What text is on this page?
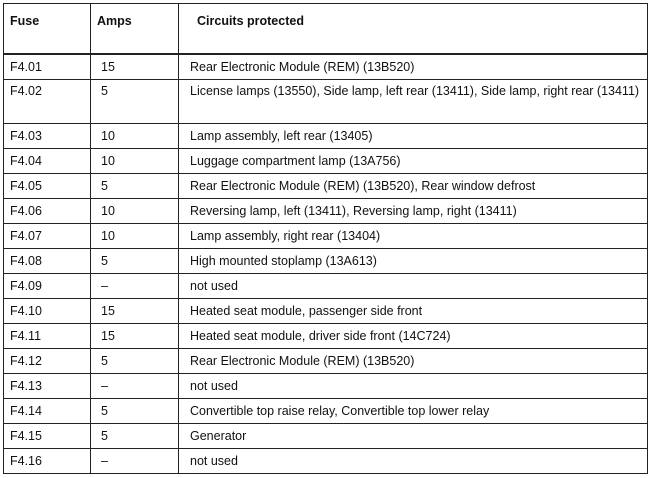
Fuse	Amps	Circuits protected
F4.01	15	Rear Electronic Module (REM) (13B520)
F4.02	5	License lamps (13550), Side lamp, left rear (13411), Side lamp, right rear (13411)
F4.03	10	Lamp assembly, left rear (13405)
F4.04	10	Luggage compartment lamp (13A756)
F4.05	5	Rear Electronic Module (REM) (13B520), Rear window defrost
F4.06	10	Reversing lamp, left (13411), Reversing lamp, right (13411)
F4.07	10	Lamp assembly, right rear (13404)
F4.08	5	High mounted stoplamp (13A613)
F4.09	–	not used
F4.10	15	Heated seat module, passenger side front
F4.11	15	Heated seat module, driver side front (14C724)
F4.12	5	Rear Electronic Module (REM) (13B520)
F4.13	–	not used
F4.14	5	Convertible top raise relay, Convertible top lower relay
F4.15	5	Generator
F4.16	–	not used
